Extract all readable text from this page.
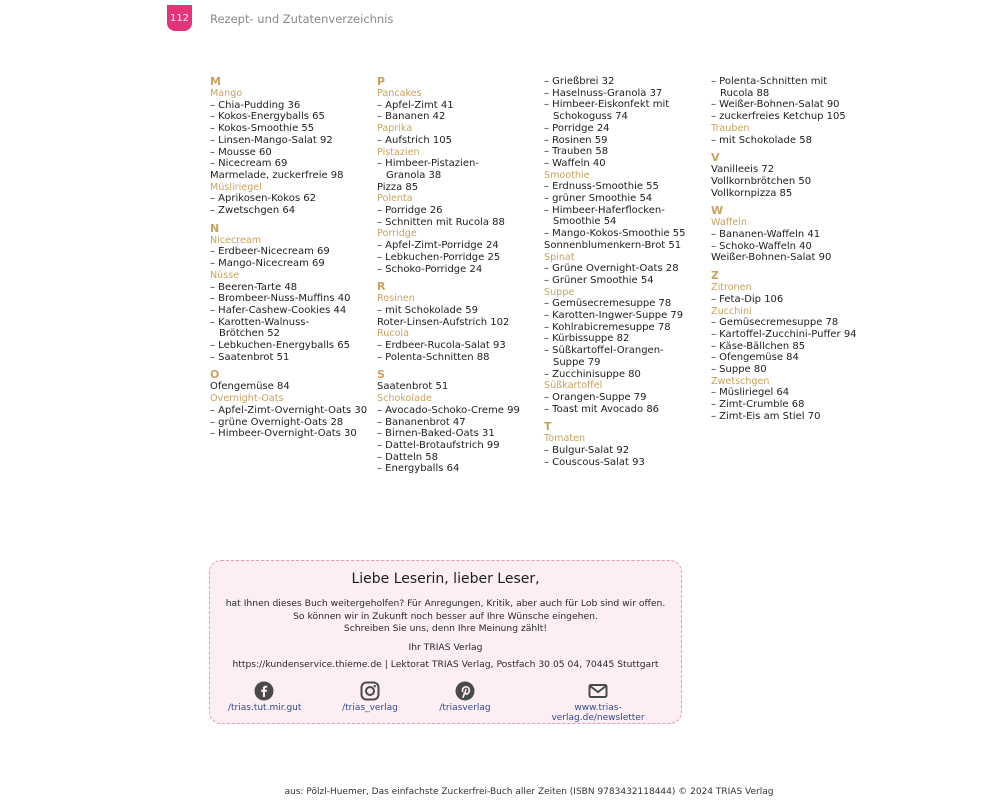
112 Rezept- und Zutatenverzeichnis
M
Mango
– Chia-Pudding 36
– Kokos-Energyballs 65
– Kokos-Smoothie 55
– Linsen-Mango-Salat 92
– Mousse 60
– Nicecream 69
Marmelade, zuckerfreie 98
Müsliriegel
– Aprikosen-Kokos 62
– Zwetschgen 64
N
Nicecream
– Erdbeer-Nicecream 69
– Mango-Nicecream 69
Nüsse
– Beeren-Tarte 48
– Brombeer-Nuss-Muffins 40
– Hafer-Cashew-Cookies 44
– Karotten-Walnuss-
Brötchen 52
– Lebkuchen-Energyballs 65
– Saatenbrot 51
O
Ofengemüse 84
Overnight-Oats
– Apfel-Zimt-Overnight-Oats 30
– grüne Overnight-Oats 28
– Himbeer-Overnight-Oats 30
P
Pancakes
– Apfel-Zimt 41
– Bananen 42
Paprika
– Aufstrich 105
Pistazien
– Himbeer-Pistazien-
Granola 38
Pizza 85
Polenta
– Porridge 26
– Schnitten mit Rucola 88
Porridge
– Apfel-Zimt-Porridge 24
– Lebkuchen-Porridge 25
– Schoko-Porridge 24
R
Rosinen
– mit Schokolade 59
Roter-Linsen-Aufstrich 102
Rucola
– Erdbeer-Rucola-Salat 93
– Polenta-Schnitten 88
S
Saatenbrot 51
Schokolade
– Avocado-Schoko-Creme 99
– Bananenbrot 47
– Birnen-Baked-Oats 31
– Dattel-Brotaufstrich 99
– Datteln 58
– Energyballs 64
– Grießbrei 32
– Haselnuss-Granola 37
– Himbeer-Eiskonfekt mit
Schokoguss 74
– Porridge 24
– Rosinen 59
– Trauben 58
– Waffeln 40
Smoothie
– Erdnuss-Smoothie 55
– grüner Smoothie 54
– Himbeer-Haferflocken-
Smoothie 54
– Mango-Kokos-Smoothie 55
Sonnenblumenkern-Brot 51
Spinat
– Grüne Overnight-Oats 28
– Grüner Smoothie 54
Suppe
– Gemüsecremesuppe 78
– Karotten-Ingwer-Suppe 79
– Kohlrabicremesuppe 78
– Kürbissuppe 82
– Süßkartoffel-Orangen-
Suppe 79
– Zucchinisuppe 80
Süßkartoffel
– Orangen-Suppe 79
– Toast mit Avocado 86
T
Tomaten
– Bulgur-Salat 92
– Couscous-Salat 93
– Polenta-Schnitten mit
Rucola 88
– Weißer-Bohnen-Salat 90
– zuckerfreies Ketchup 105
Trauben
– mit Schokolade 58
V
Vanilleeis 72
Vollkornbrötchen 50
Vollkornpizza 85
W
Waffeln
– Bananen-Waffeln 41
– Schoko-Waffeln 40
Weißer-Bohnen-Salat 90
Z
Zitronen
– Feta-Dip 106
Zucchini
– Gemüsecremesuppe 78
– Kartoffel-Zucchini-Puffer 94
– Käse-Bällchen 85
– Ofengemüse 84
– Suppe 80
Zwetschgen
– Müsliriegel 64
– Zimt-Crumble 68
– Zimt-Eis am Stiel 70
Liebe Leserin, lieber Leser,
hat Ihnen dieses Buch weitergeholfen? Für Anregungen, Kritik, aber auch für Lob sind wir offen.
So können wir in Zukunft noch besser auf Ihre Wünsche eingehen.
Schreiben Sie uns, denn Ihre Meinung zählt!
Ihr TRIAS Verlag
https://kundenservice.thieme.de | Lektorat TRIAS Verlag, Postfach 30 05 04, 70445 Stuttgart
/trias.tut.mir.gut	/trias_verlag	/triasverlag	www.trias-verlag.de/newsletter
aus: Pölzl-Huemer, Das einfachste Zuckerfrei-Buch aller Zeiten (ISBN 9783432118444) © 2024 TRIAS Verlag
